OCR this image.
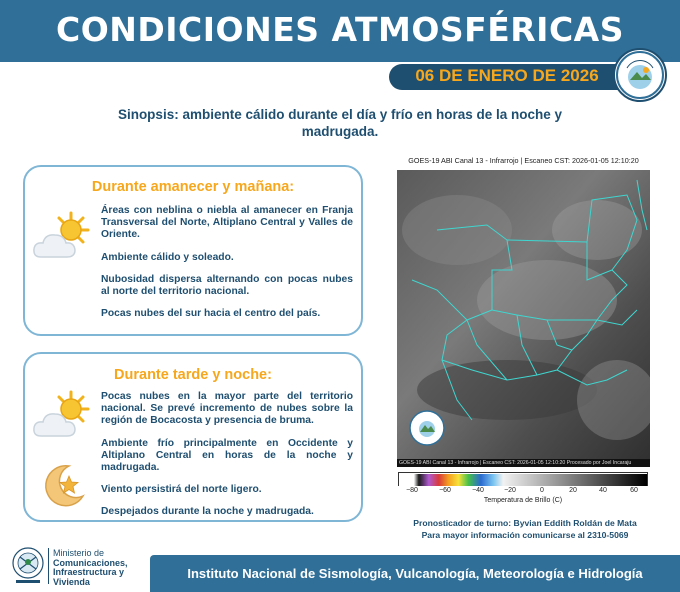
CONDICIONES ATMOSFÉRICAS
06 DE ENERO DE 2026
Sinopsis: ambiente cálido durante el día y frío en horas de la noche y madrugada.
Durante amanecer y mañana:

Áreas con neblina o niebla al amanecer en Franja Transversal del Norte, Altiplano Central y Valles de Oriente.

Ambiente cálido y soleado.

Nubosidad dispersa alternando con pocas nubes al norte del territorio nacional.

Pocas nubes del sur hacia el centro del país.

Durante tarde y noche:

Pocas nubes en la mayor parte del territorio nacional. Se prevé incremento de nubes sobre la región de Bocacosta y presencia de bruma.

Ambiente frío principalmente en Occidente y Altiplano Central en horas de la noche y madrugada.

Viento persistirá del norte ligero.

Despejados durante la noche y madrugada.

GOES-19 ABI Canal 13 - Infrarrojo | Escaneo CST: 2026-01-05 12:10:20
GOES-19 ABI Canal 13 - Infrarrojo | Escaneo CST: 2026-01-05 12:10:20 Procesado por Joel Incaraju
−80	−60	−40	−20	0	20	40	60
Temperatura de Brillo (C)
Pronosticador de turno: Byvian Eddith Roldán de Mata
Para mayor información comunicarse al 2310-5069
Ministerio de
Comunicaciones,
Infraestructura y
Vivienda
Instituto Nacional de Sismología, Vulcanología, Meteorología e Hidrología
